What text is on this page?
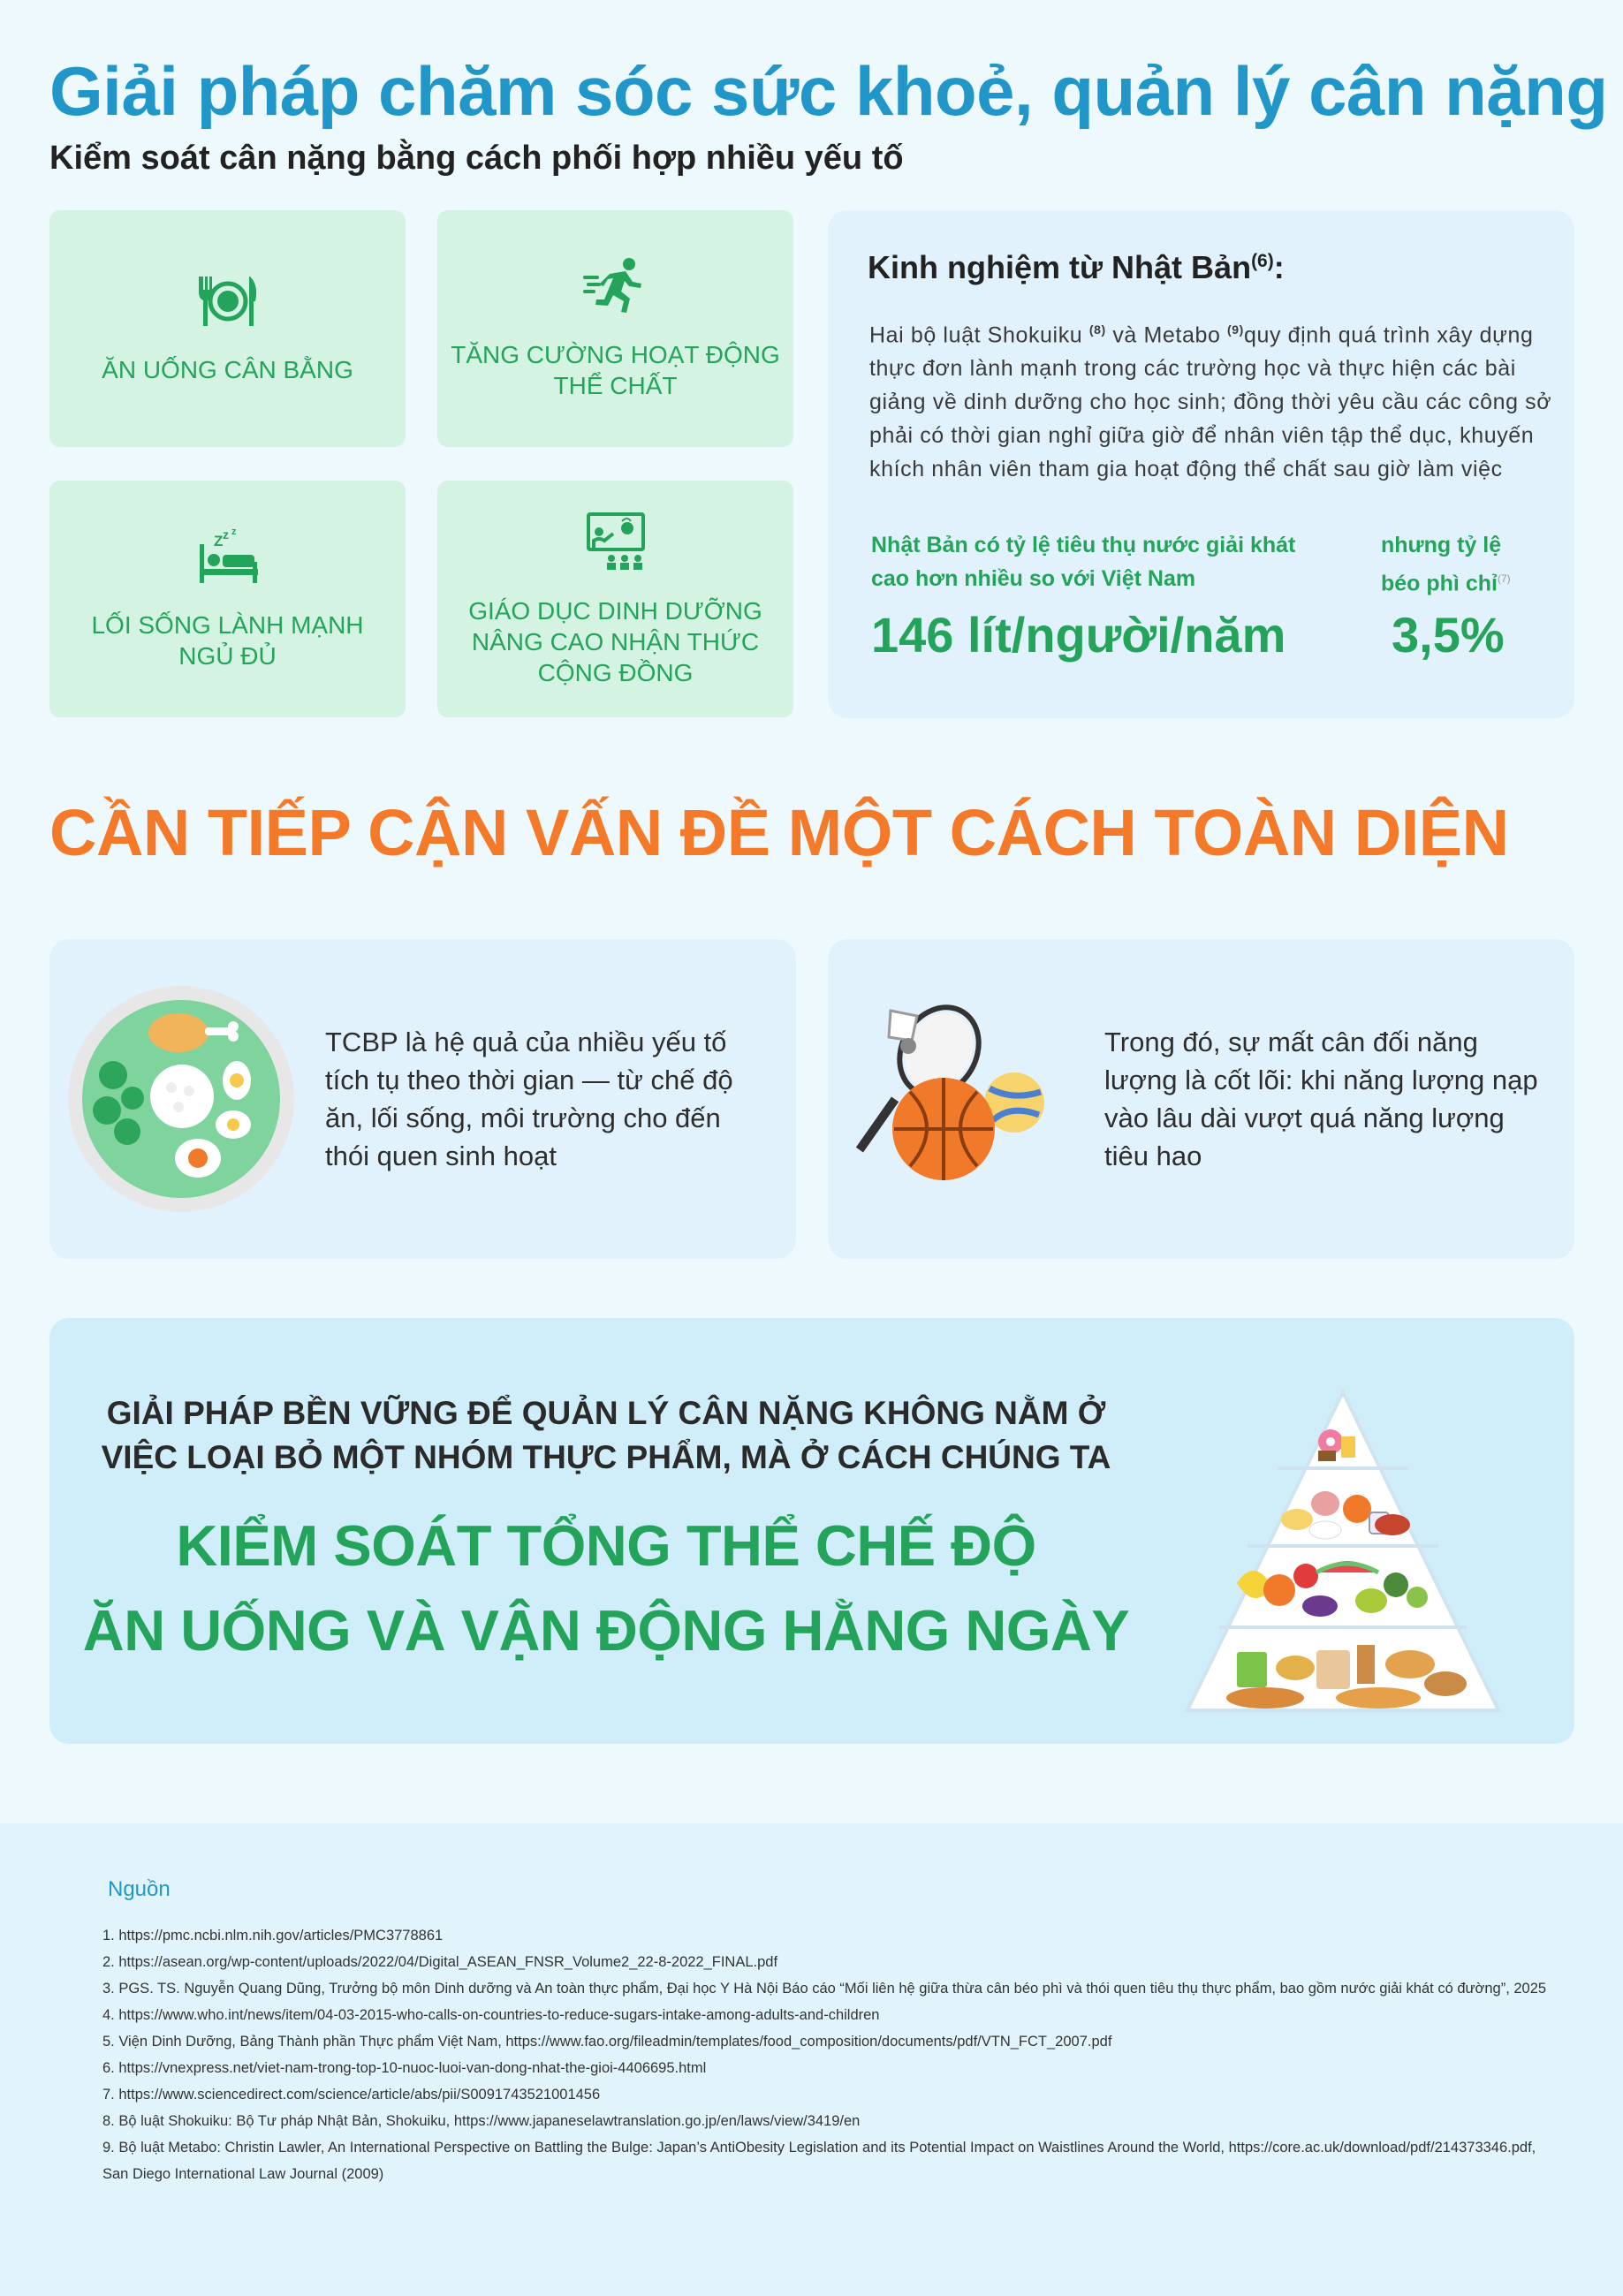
Giải pháp chăm sóc sức khoẻ, quản lý cân nặng
Kiểm soát cân nặng bằng cách phối hợp nhiều yếu tố
ĂN UỐNG CÂN BẰNG
TĂNG CƯỜNG HOẠT ĐỘNG
THỂ CHẤT
z z
Z
LỐI SỐNG LÀNH MẠNH
NGỦ ĐỦ
GIÁO DỤC DINH DƯỠNG
NÂNG CAO NHẬN THỨC
CỘNG ĐỒNG
Kinh nghiệm từ Nhật Bản$^{(6)}$:
Hai bộ luật Shokuiku $^{(8)}$ và Metabo $^{(9)}$quy định quá trình xây dựng thực đơn lành mạnh trong các trường học và thực hiện các bài giảng về dinh dưỡng cho học sinh; đồng thời yêu cầu các công sở phải có thời gian nghỉ giữa giờ để nhân viên tập thể dục, khuyến khích nhân viên tham gia hoạt động thể chất sau giờ làm việc
Nhật Bản có tỷ lệ tiêu thụ nước giải khát cao hơn nhiều so với Việt Nam
146 lít/người/năm
nhưng tỷ lệ
béo phì chỉ$^{(7)}$
3,5%
CẦN TIẾP CẬN VẤN ĐỀ MỘT CÁCH TOÀN DIỆN
TCBP là hệ quả của nhiều yếu tố tích tụ theo thời gian — từ chế độ ăn, lối sống, môi trường cho đến thói quen sinh hoạt
Trong đó, sự mất cân đối năng lượng là cốt lõi: khi năng lượng nạp vào lâu dài vượt quá năng lượng tiêu hao
GIẢI PHÁP BỀN VỮNG ĐỂ QUẢN LÝ CÂN NẶNG KHÔNG NẰM Ở
VIỆC LOẠI BỎ MỘT NHÓM THỰC PHẨM, MÀ Ở CÁCH CHÚNG TA
KIỂM SOÁT TỔNG THỂ CHẾ ĐỘ
ĂN UỐNG VÀ VẬN ĐỘNG HẰNG NGÀY
Nguồn
1. https://pmc.ncbi.nlm.nih.gov/articles/PMC3778861
2. https://asean.org/wp-content/uploads/2022/04/Digital_ASEAN_FNSR_Volume2_22-8-2022_FINAL.pdf
3. PGS. TS. Nguyễn Quang Dũng, Trưởng bộ môn Dinh dưỡng và An toàn thực phẩm, Đại học Y Hà Nội Báo cáo “Mối liên hệ giữa thừa cân béo phì và thói quen tiêu thụ thực phẩm, bao gồm nước giải khát có đường”, 2025
4. https://www.who.int/news/item/04-03-2015-who-calls-on-countries-to-reduce-sugars-intake-among-adults-and-children
5. Viện Dinh Dưỡng, Bảng Thành phần Thực phẩm Việt Nam, https://www.fao.org/fileadmin/templates/food_composition/documents/pdf/VTN_FCT_2007.pdf
6. https://vnexpress.net/viet-nam-trong-top-10-nuoc-luoi-van-dong-nhat-the-gioi-4406695.html
7. https://www.sciencedirect.com/science/article/abs/pii/S0091743521001456
8. Bộ luật Shokuiku: Bộ Tư pháp Nhật Bản, Shokuiku, https://www.japaneselawtranslation.go.jp/en/laws/view/3419/en
9. Bộ luật Metabo: Christin Lawler, An International Perspective on Battling the Bulge: Japan’s AntiObesity Legislation and its Potential Impact on Waistlines Around the World, https://core.ac.uk/download/pdf/214373346.pdf, San Diego International Law Journal (2009)
